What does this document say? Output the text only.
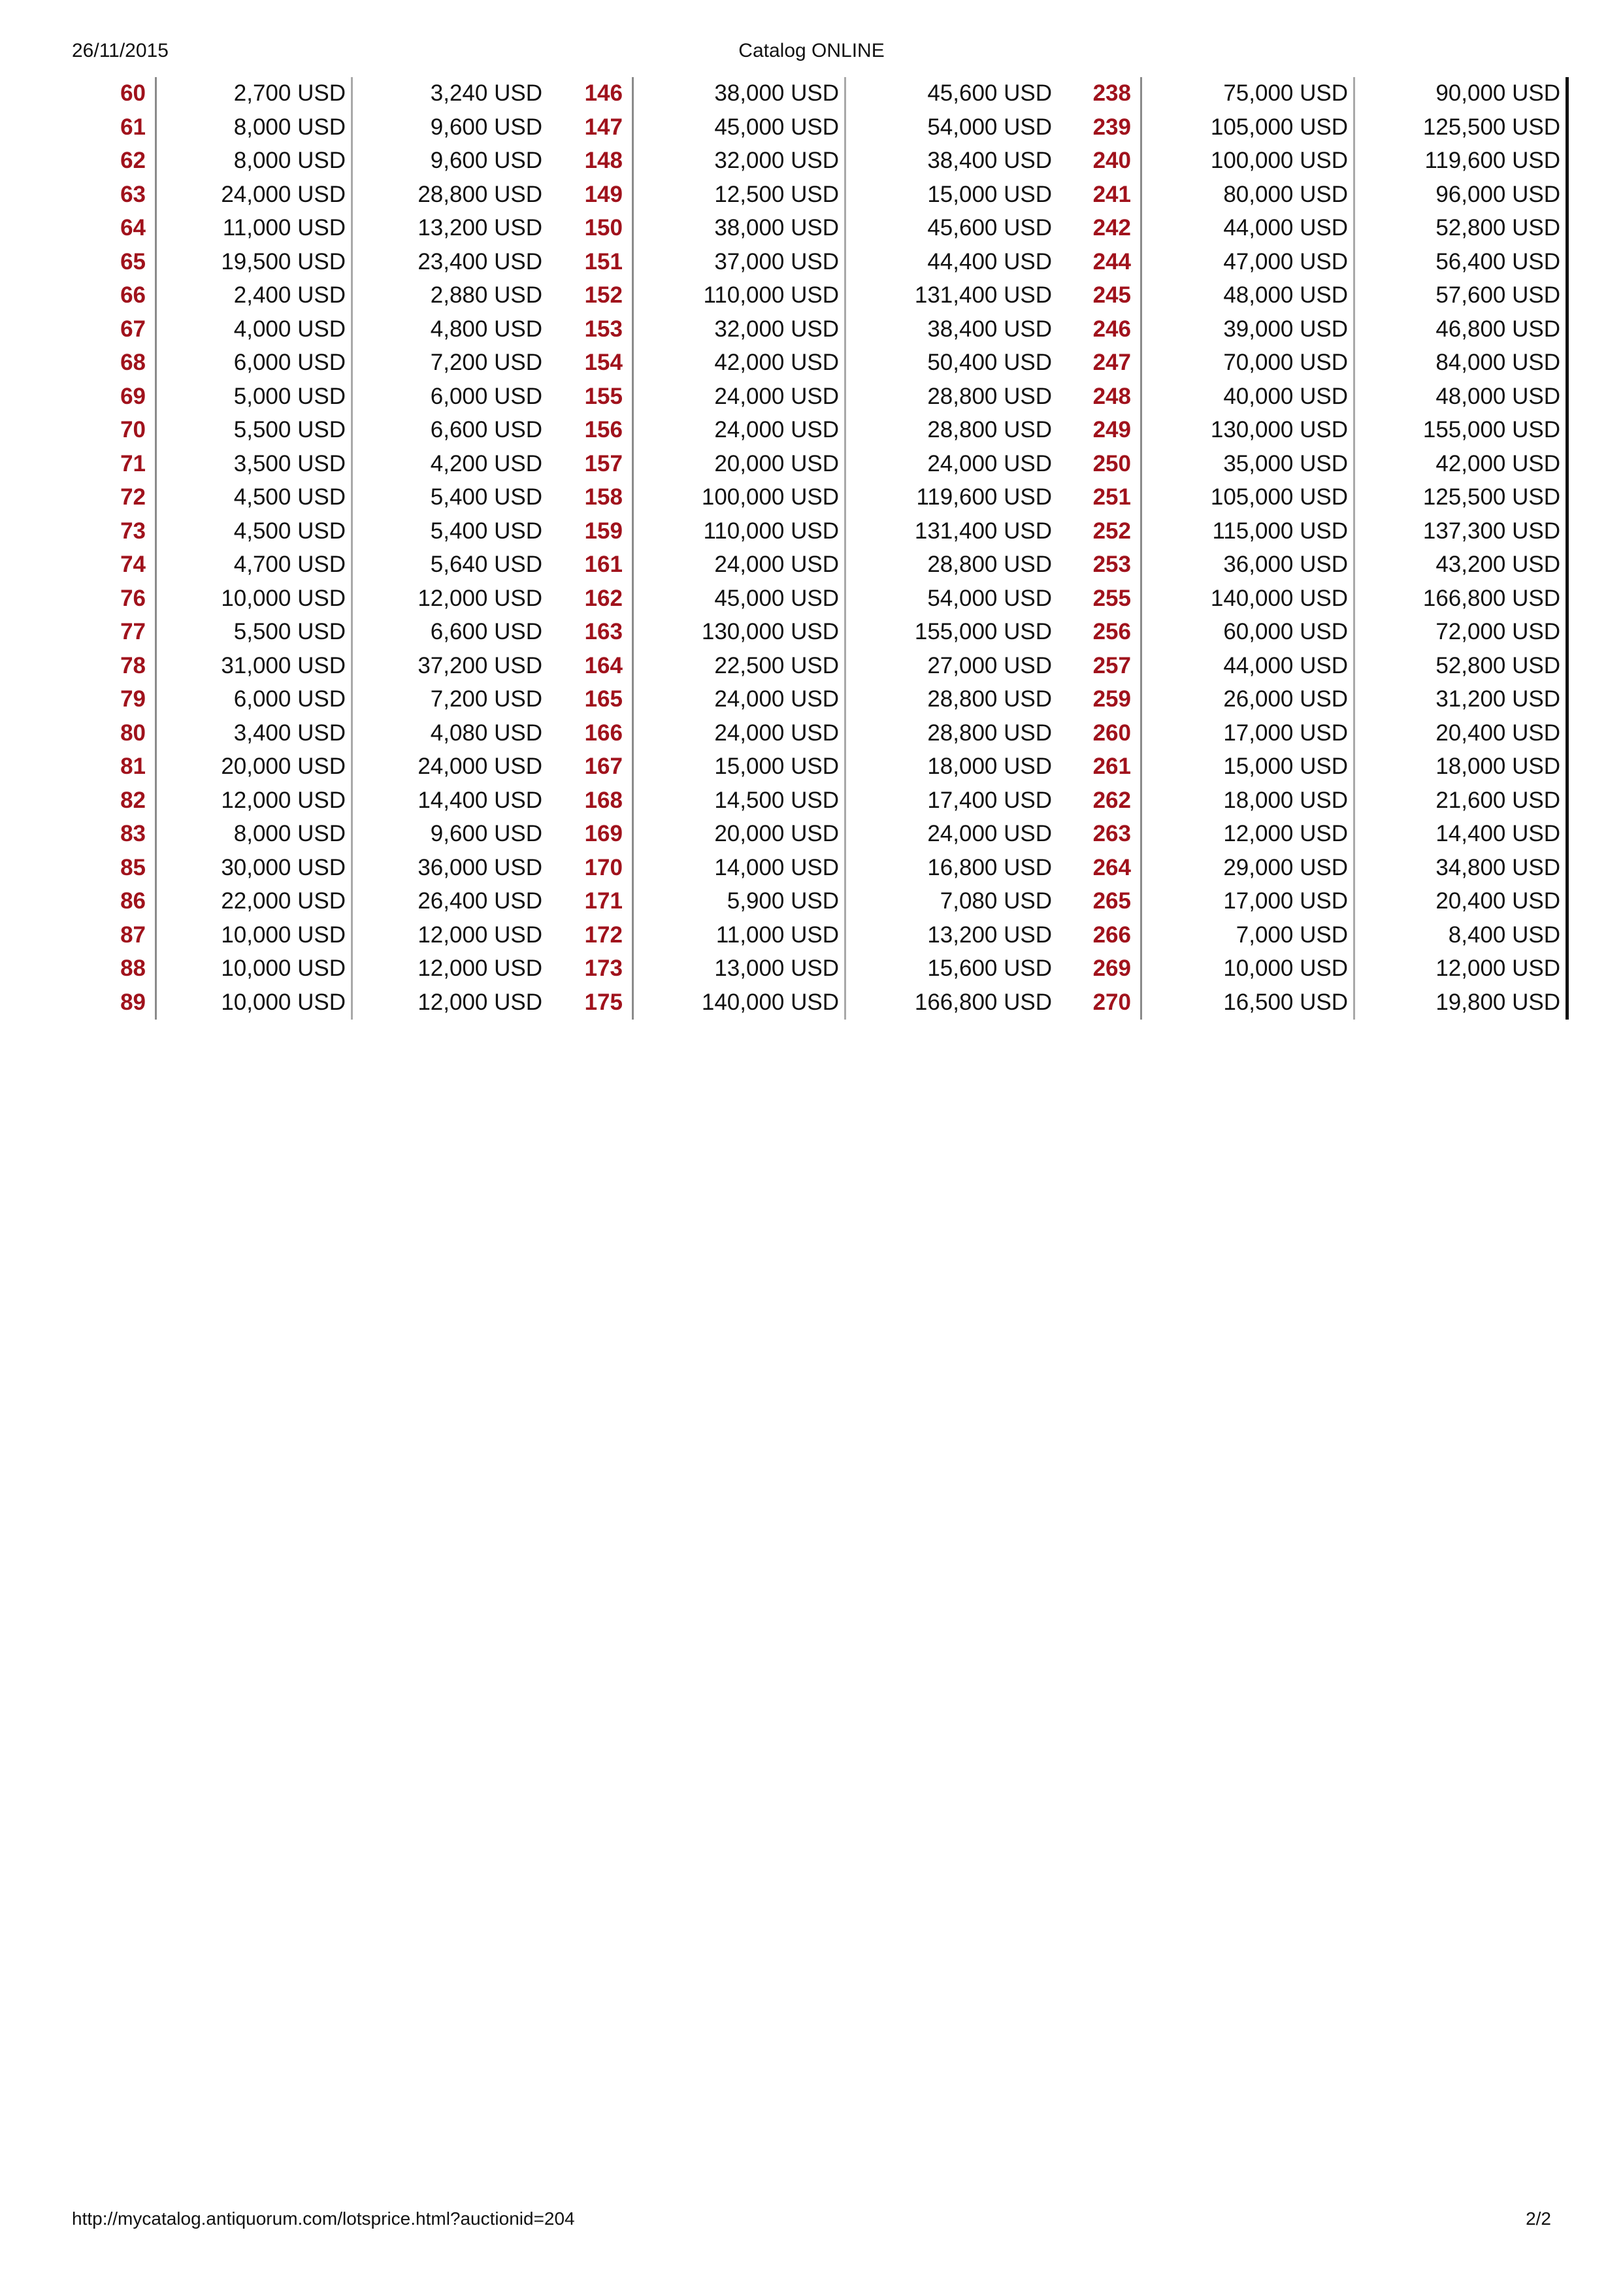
26/11/2015	Catalog ONLINE
60	2,700 USD	3,240 USD	146	38,000 USD	45,600 USD	238	75,000 USD	90,000 USD
61	8,000 USD	9,600 USD	147	45,000 USD	54,000 USD	239	105,000 USD	125,500 USD
62	8,000 USD	9,600 USD	148	32,000 USD	38,400 USD	240	100,000 USD	119,600 USD
63	24,000 USD	28,800 USD	149	12,500 USD	15,000 USD	241	80,000 USD	96,000 USD
64	11,000 USD	13,200 USD	150	38,000 USD	45,600 USD	242	44,000 USD	52,800 USD
65	19,500 USD	23,400 USD	151	37,000 USD	44,400 USD	244	47,000 USD	56,400 USD
66	2,400 USD	2,880 USD	152	110,000 USD	131,400 USD	245	48,000 USD	57,600 USD
67	4,000 USD	4,800 USD	153	32,000 USD	38,400 USD	246	39,000 USD	46,800 USD
68	6,000 USD	7,200 USD	154	42,000 USD	50,400 USD	247	70,000 USD	84,000 USD
69	5,000 USD	6,000 USD	155	24,000 USD	28,800 USD	248	40,000 USD	48,000 USD
70	5,500 USD	6,600 USD	156	24,000 USD	28,800 USD	249	130,000 USD	155,000 USD
71	3,500 USD	4,200 USD	157	20,000 USD	24,000 USD	250	35,000 USD	42,000 USD
72	4,500 USD	5,400 USD	158	100,000 USD	119,600 USD	251	105,000 USD	125,500 USD
73	4,500 USD	5,400 USD	159	110,000 USD	131,400 USD	252	115,000 USD	137,300 USD
74	4,700 USD	5,640 USD	161	24,000 USD	28,800 USD	253	36,000 USD	43,200 USD
76	10,000 USD	12,000 USD	162	45,000 USD	54,000 USD	255	140,000 USD	166,800 USD
77	5,500 USD	6,600 USD	163	130,000 USD	155,000 USD	256	60,000 USD	72,000 USD
78	31,000 USD	37,200 USD	164	22,500 USD	27,000 USD	257	44,000 USD	52,800 USD
79	6,000 USD	7,200 USD	165	24,000 USD	28,800 USD	259	26,000 USD	31,200 USD
80	3,400 USD	4,080 USD	166	24,000 USD	28,800 USD	260	17,000 USD	20,400 USD
81	20,000 USD	24,000 USD	167	15,000 USD	18,000 USD	261	15,000 USD	18,000 USD
82	12,000 USD	14,400 USD	168	14,500 USD	17,400 USD	262	18,000 USD	21,600 USD
83	8,000 USD	9,600 USD	169	20,000 USD	24,000 USD	263	12,000 USD	14,400 USD
85	30,000 USD	36,000 USD	170	14,000 USD	16,800 USD	264	29,000 USD	34,800 USD
86	22,000 USD	26,400 USD	171	5,900 USD	7,080 USD	265	17,000 USD	20,400 USD
87	10,000 USD	12,000 USD	172	11,000 USD	13,200 USD	266	7,000 USD	8,400 USD
88	10,000 USD	12,000 USD	173	13,000 USD	15,600 USD	269	10,000 USD	12,000 USD
89	10,000 USD	12,000 USD	175	140,000 USD	166,800 USD	270	16,500 USD	19,800 USD
http://mycatalog.antiquorum.com/lotsprice.html?auctionid=204	2/2
